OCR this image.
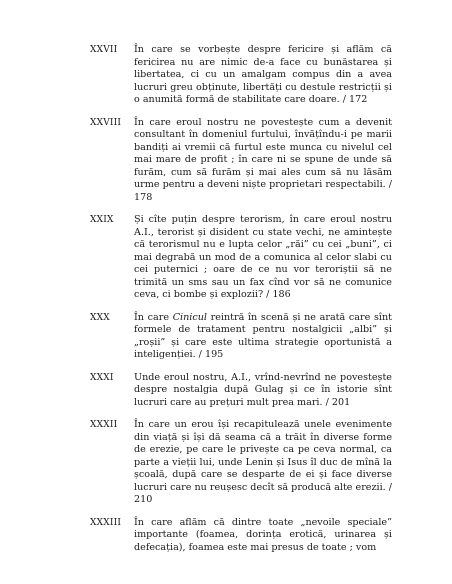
XXVII	În care se vorbește despre fericire și aflăm că fericirea nu are nimic de-a face cu bunăstarea și libertatea, ci cu un amalgam compus din a avea lucruri greu obținute, libertăți cu destule restricții și o anumită formă de stabilitate care doare. / 172
XXVIII	În care eroul nostru ne povestește cum a devenit consultant în domeniul furtului, învățîndu-i pe marii bandiți ai vremii că furtul este munca cu nivelul cel mai mare de profit ; în care ni se spune de unde să furăm, cum să furăm și mai ales cum să nu lăsăm urme pentru a deveni niște proprietari respectabili. / 178
XXIX	Și cîte puțin despre terorism, în care eroul nostru A.I., terorist și disident cu state vechi, ne amintește că terorismul nu e lupta celor „răi” cu cei „buni”, ci mai degrabă un mod de a comunica al celor slabi cu cei puternici ; oare de ce nu vor teroriștii să ne trimită un sms sau un fax cînd vor să ne comunice ceva, ci bombe și explozii? / 186
XXX	În care Cinicul reintră în scenă și ne arată care sînt formele de tratament pentru nostalgicii „albi” și „roșii” și care este ultima strategie oportunistă a inteligenției. / 195
XXXI	Unde eroul nostru, A.I., vrînd-nevrînd ne povestește despre nostalgia după Gulag și ce în istorie sînt lucruri care au prețuri mult prea mari. / 201
XXXII	În care un erou își recapitulează unele evenimente din viață și își dă seama că a trăit în diverse forme de erezie, pe care le privește ca pe ceva normal, ca parte a vieții lui, unde Lenin și Isus îl duc de mînă la școală, după care se desparte de ei și face diverse lucruri care nu reușesc decît să producă alte erezii. / 210
XXXIII	În care aflăm că dintre toate „nevoile speciale” importante (foamea, dorința erotică, urinarea și defecația), foamea este mai presus de toate ; vom
